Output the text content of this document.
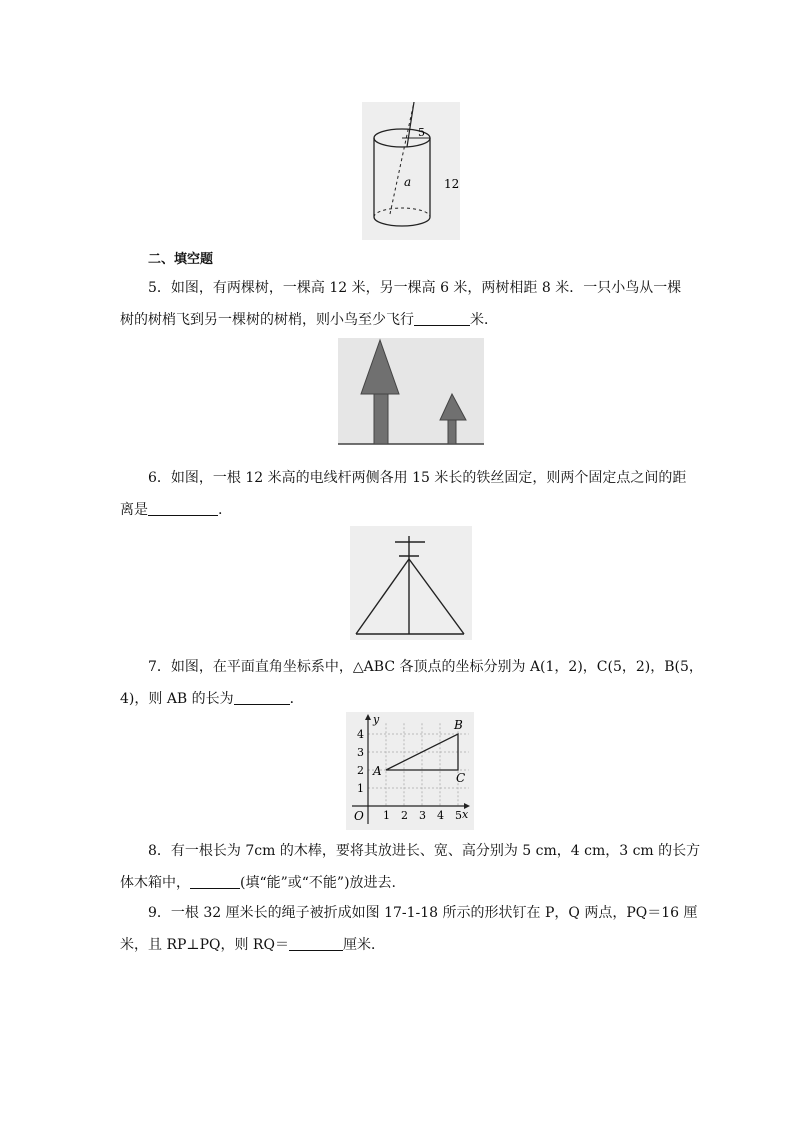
5
12
a
二、填空题
5．如图，有两棵树，一棵高 12 米，另一棵高 6 米，两树相距 8 米．一只小鸟从一棵
树的树梢飞到另一棵树的树梢，则小鸟至少飞行	米．
6．如图，一根 12 米高的电线杆两侧各用 15 米长的铁丝固定，则两个固定点之间的距
离是	.
7．如图，在平面直角坐标系中，△ABC 各顶点的坐标分别为 A(1，2)，C(5，2)，B(5，
4)，则 AB 的长为	．
y
x
O 1 2 3 4 5
1
2
3
4
A
B
C
8．有一根长为 7cm 的木棒，要将其放进长、宽、高分别为 5 cm，4 cm，3 cm 的长方
体木箱中，	(填“能”或“不能”)放进去.
9．一根 32 厘米长的绳子被折成如图 17-1-18 所示的形状钉在 P，Q 两点，PQ＝16 厘
米，且 RP⊥PQ，则 RQ＝	厘米．
